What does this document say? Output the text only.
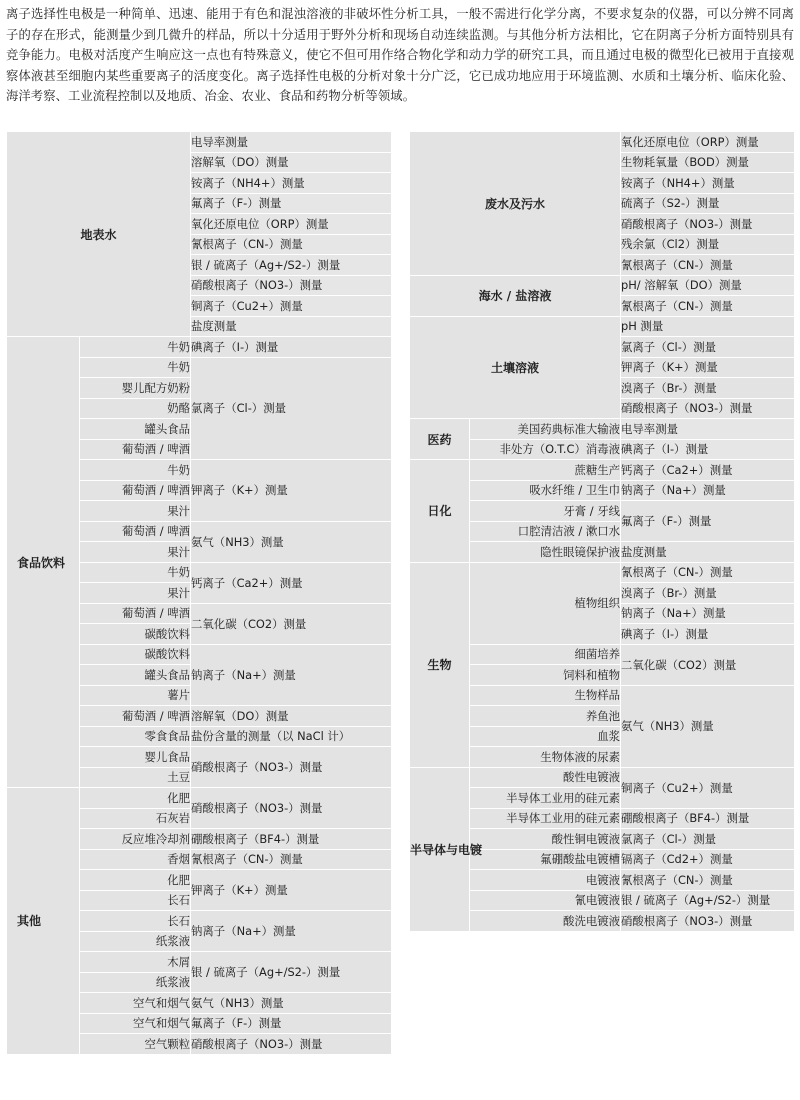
离子选择性电极是一种简单、迅速、能用于有色和混浊溶液的非破坏性分析工具，一般不需进行化学分离，不要求复杂的仪器，可以分辨不同离子的存在形式，能测量少到几微升的样品，所以十分适用于野外分析和现场自动连续监测。与其他分析方法相比，它在阴离子分析方面特别具有竞争能力。电极对活度产生响应这一点也有特殊意义，使它不但可用作络合物化学和动力学的研究工具，而且通过电极的微型化已被用于直接观察体液甚至细胞内某些重要离子的活度变化。离子选择性电极的分析对象十分广泛，它已成功地应用于环境监测、水质和土壤分析、临床化验、海洋考察、工业流程控制以及地质、冶金、农业、食品和药物分析等领域。
地表水		电导率测量
		溶解氧（DO）测量
		铵离子（NH4+）测量
		氟离子（F-）测量
		氧化还原电位（ORP）测量
		氰根离子（CN-）测量
		银 / 硫离子（Ag+/S2-）测量
		硝酸根离子（NO3-）测量
		铜离子（Cu2+）测量
		盐度测量
食品饮料	牛奶	碘离子（I-）测量
	牛奶	氯离子（Cl-）测量
	婴儿配方奶粉	
	奶酪	
	罐头食品	
	葡萄酒 / 啤酒	
	牛奶	钾离子（K+）测量
	葡萄酒 / 啤酒	
	果汁	
	葡萄酒 / 啤酒	氨气（NH3）测量
	果汁	
	牛奶	钙离子（Ca2+）测量
	果汁	
	葡萄酒 / 啤酒	二氧化碳（CO2）测量
	碳酸饮料	
	碳酸饮料	钠离子（Na+）测量
	罐头食品	
	薯片	
	葡萄酒 / 啤酒	溶解氧（DO）测量
	零食食品	盐份含量的测量（以 NaCl 计）
	婴儿食品	硝酸根离子（NO3-）测量
	土豆	
其他	化肥	硝酸根离子（NO3-）测量
	石灰岩	
	反应堆冷却剂	硼酸根离子（BF4-）测量
	香烟	氰根离子（CN-）测量
	化肥	钾离子（K+）测量
	长石	
	长石	钠离子（Na+）测量
	纸浆液	
	木屑	银 / 硫离子（Ag+/S2-）测量
	纸浆液	
	空气和烟气	氨气（NH3）测量
	空气和烟气	氟离子（F-）测量
	空气颗粒	硝酸根离子（NO3-）测量
废水及污水		氧化还原电位（ORP）测量
		生物耗氧量（BOD）测量
		铵离子（NH4+）测量
		硫离子（S2-）测量
		硝酸根离子（NO3-）测量
		残余氯（Cl2）测量
		氰根离子（CN-）测量
海水 / 盐溶液		pH/ 溶解氧（DO）测量
		氰根离子（CN-）测量
土壤溶液		pH 测量
		氯离子（Cl-）测量
		钾离子（K+）测量
		溴离子（Br-）测量
		硝酸根离子（NO3-）测量
医药	美国药典标准大输液	电导率测量
	非处方（O.T.C）消毒液	碘离子（I-）测量
日化	蔗糖生产	钙离子（Ca2+）测量
	吸水纤维 / 卫生巾	钠离子（Na+）测量
	牙膏 / 牙线	氟离子（F-）测量
	口腔清洁液 / 漱口水	
	隐性眼镜保护液	盐度测量
生物	植物组织	氰根离子（CN-）测量
		溴离子（Br-）测量
		钠离子（Na+）测量
		碘离子（I-）测量
	细菌培养	二氧化碳（CO2）测量
	饲料和植物	
	生物样品	氨气（NH3）测量
	养鱼池	
	血浆	
	生物体液的尿素	
半导体与电镀	酸性电镀液	铜离子（Cu2+）测量
	半导体工业用的硅元素	
	半导体工业用的硅元素	硼酸根离子（BF4-）测量
	酸性铜电镀液	氯离子（Cl-）测量
	氟硼酸盐电镀槽	镉离子（Cd2+）测量
	电镀液	氰根离子（CN-）测量
	氰电镀液	银 / 硫离子（Ag+/S2-）测量
	酸洗电镀液	硝酸根离子（NO3-）测量
